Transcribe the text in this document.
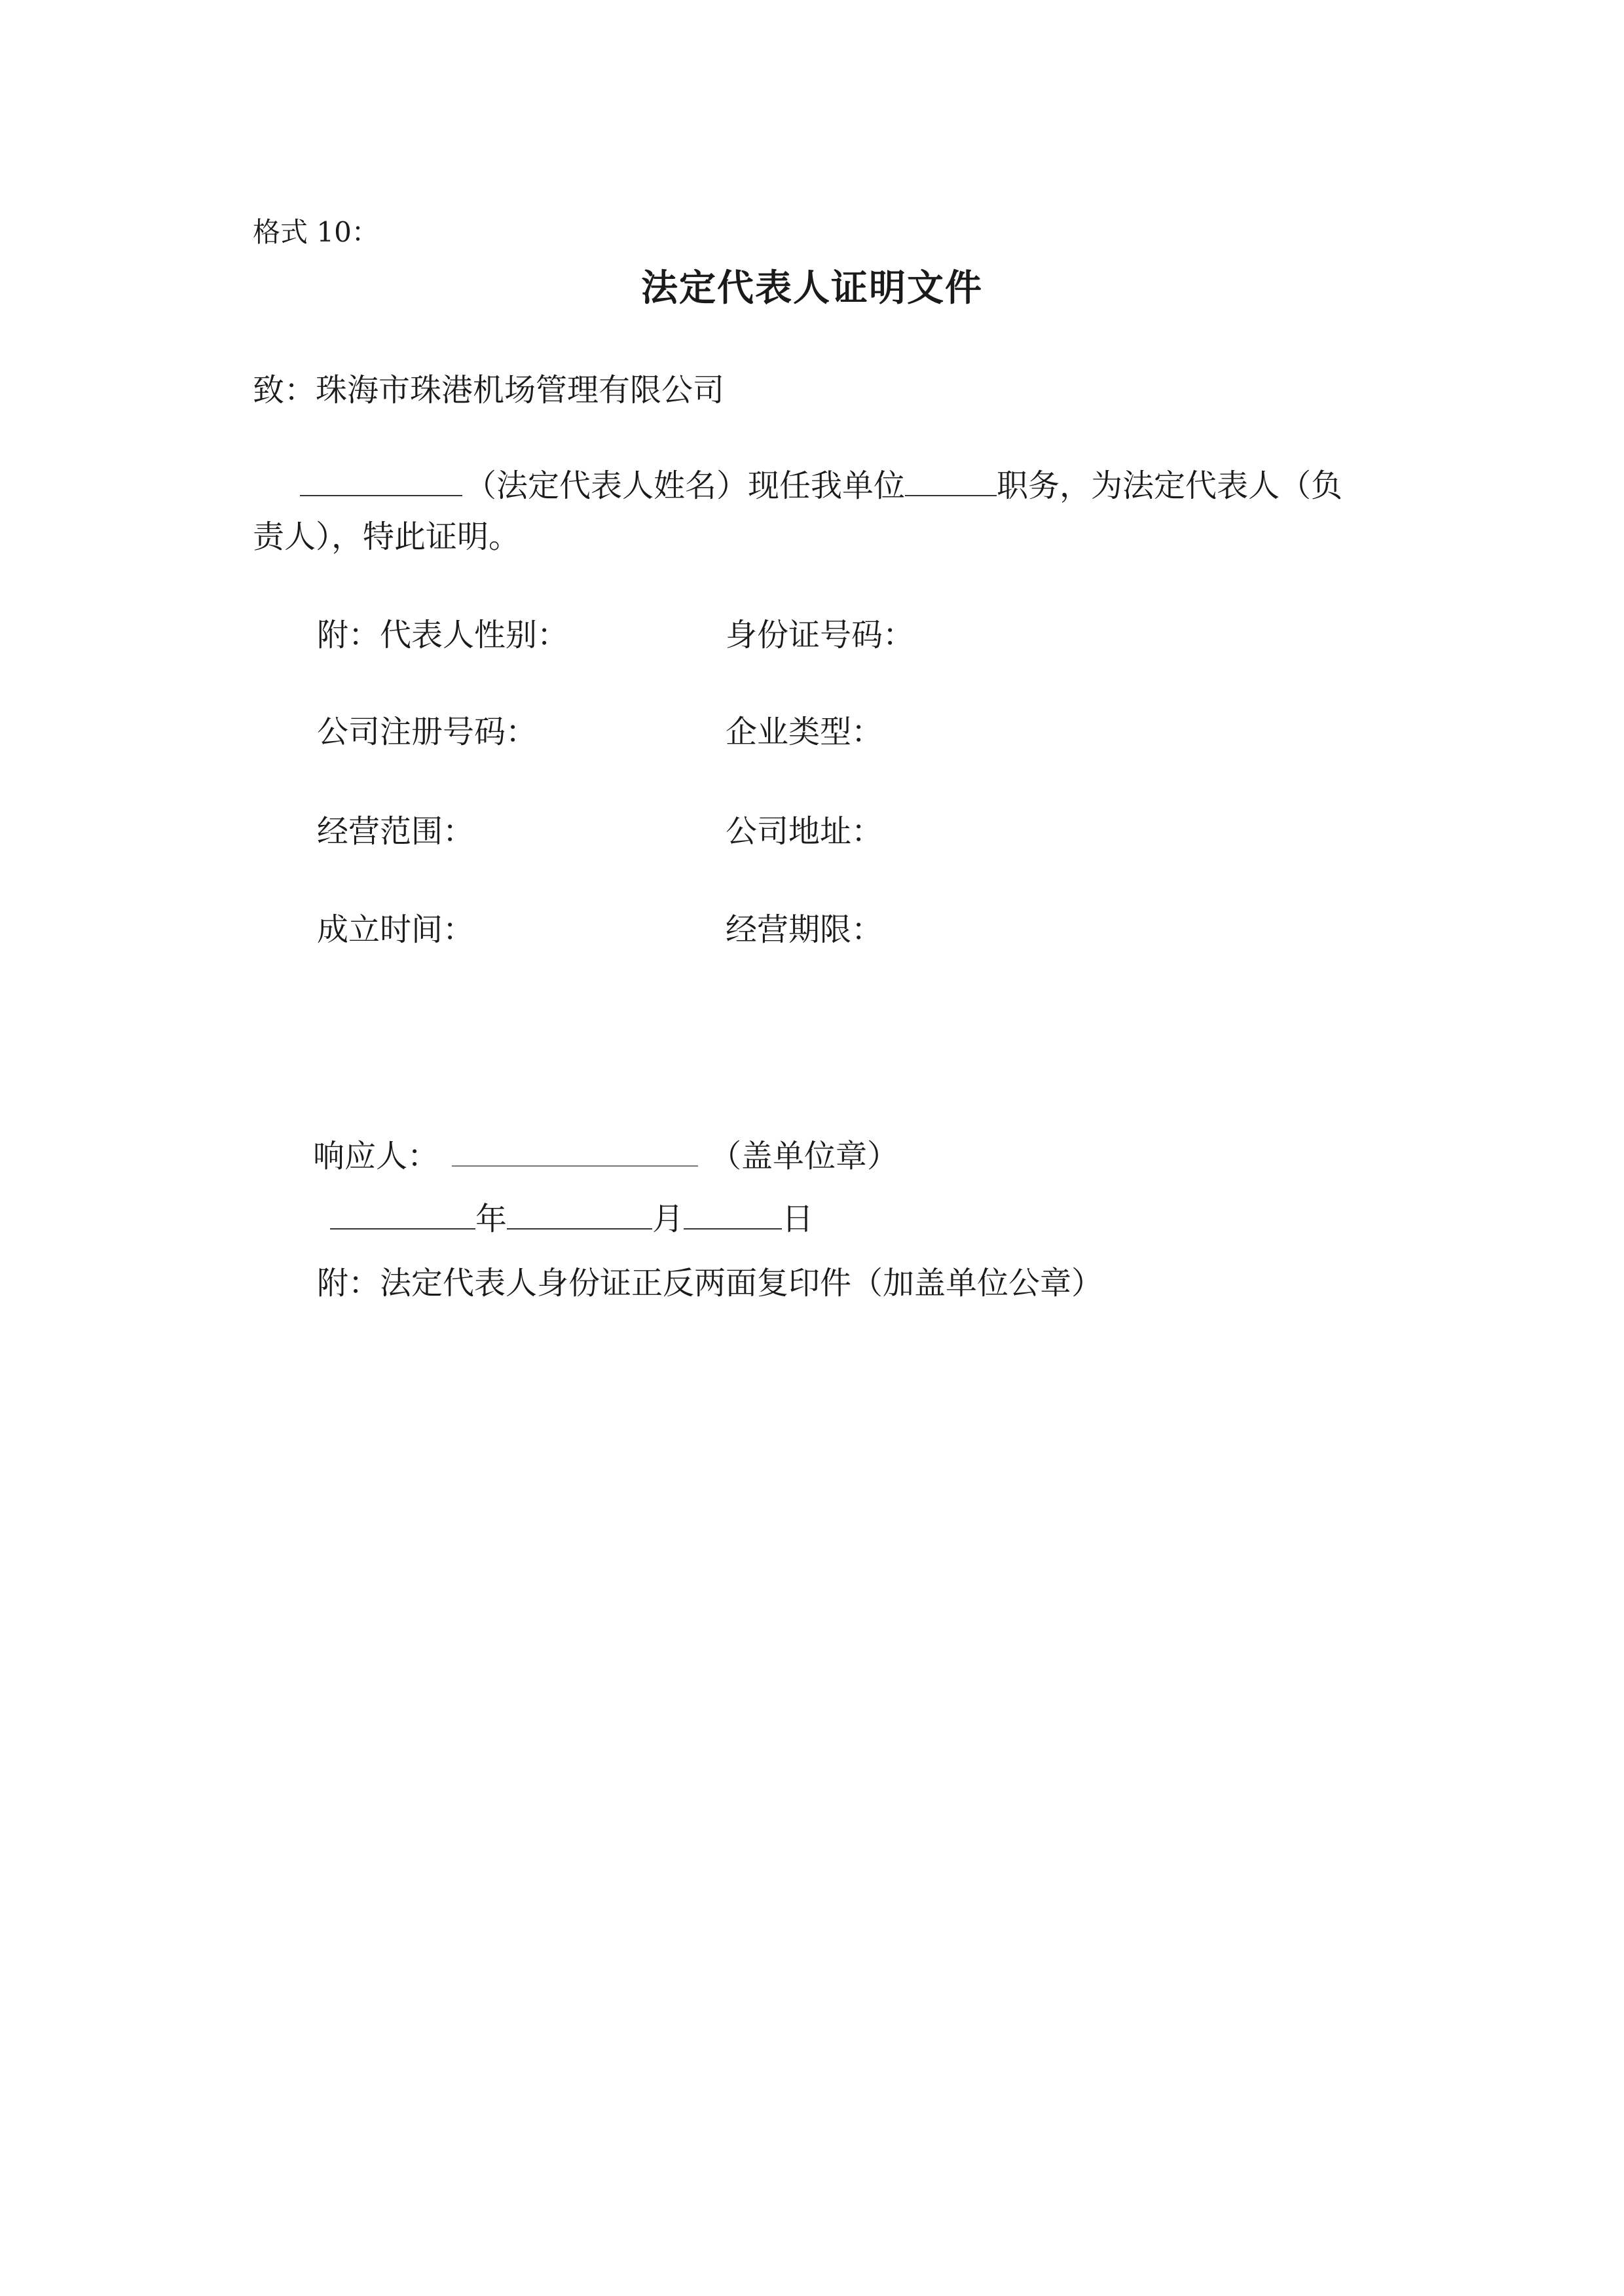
格式 10：
法定代表人证明文件
致：珠海市珠港机场管理有限公司
（法定代表人姓名）现任我单位	职务，为法定代表人（负
责人），特此证明。
附：代表人性别：	身份证号码：
公司注册号码：	企业类型：
经营范围：	公司地址：
成立时间：	经营期限：
响应人：	（盖单位章）
年	月	日
附：法定代表人身份证正反两面复印件（加盖单位公章）
